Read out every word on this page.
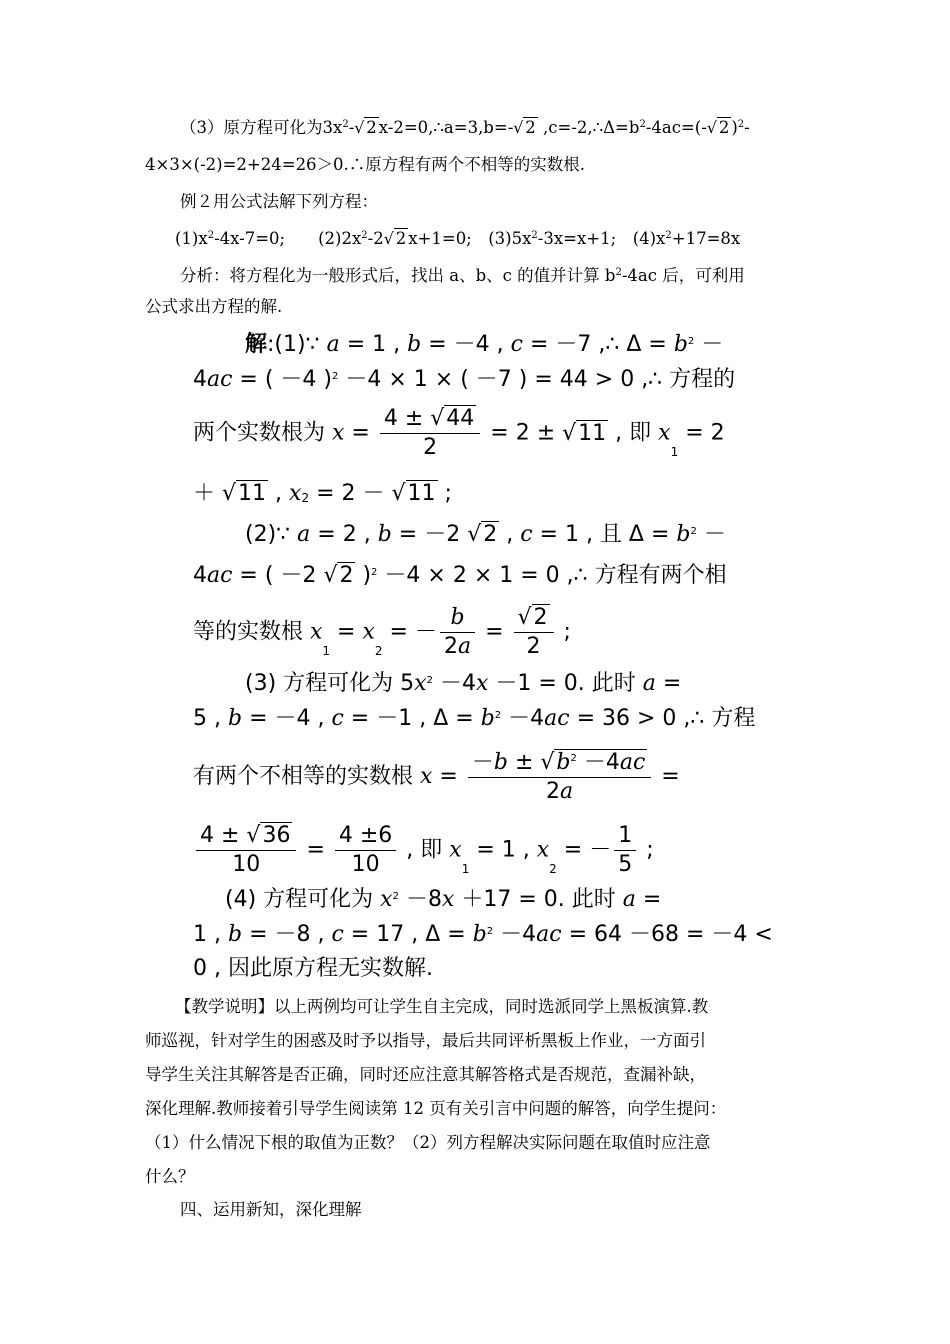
（3）原方程可化为$3x^2-√$ 2 x-2=0,∴a=3,b=-√ 2 $,c=-2,\therefore\Delta=b^2-4ac=(-√$ 2 )$^2$-
4×3×(-2)=2+24=26＞0.∴原方程有两个不相等的实数根.
例２用公式法解下列方程：
$(1)x^2-4x-7=0$;　　$(2)2x^2-2√$ 2 x+1=0;　$(3)5x^2-3x=x+1$;　$(4)x^2+17=8x$
分析：将方程化为一般形式后，找出 a、b、c 的值并计算 $b^2-4ac$ 后，可利用
公式求出方程的解.
解:(1)∵ a = 1 , b = －4 , c = －7 ,∴ $\Delta = b^2$ －
4ac = ( －4 )$^2$ －4 × 1 × ( －7 ) = 44 > 0 ,∴ 方程的
两个实数根为 $x = \frac{4 \pm √44}{2} = 2 \pm √11$ , 即 $x_1 = 2$
＋ √11 , $x_2 = 2 - √11$ ;
(2)∵ a = 2 , b = －2 √2 , c = 1 , 且 $\Delta = b^2$ －
4ac = ( －2 √2 )$^2$ －4 × 2 × 1 = 0 ,∴ 方程有两个相
等的实数根 $x_1 = x_2$ = － $\frac{b}{2a} = \frac{√2}{2}$ ;
(3) 方程可化为 $5x^2 -4x -1 = 0$. 此时 a =
5 , b = －4 , c = －1 , $\Delta = b^2 -4ac = 36 > 0$ ,∴ 方程
有两个不相等的实数根 $x = \frac{-b \pm √b^2 -4ac}{2a}$ =
$\frac{4 \pm √36}{10} = \frac{4 \pm 6}{10}$ , 即 $x_1 = 1$ , $x_2$ = － $\frac{1}{5}$ ;
(4) 方程可化为 $x^2 -8x +17 = 0$. 此时 a =
1 , b = －8 , c = 17 , $\Delta = b^2 -4ac = 64 -68 = -4$ <
0 , 因此原方程无实数解.
【教学说明】以上两例均可让学生自主完成，同时选派同学上黑板演算.教
师巡视，针对学生的困惑及时予以指导，最后共同评析黑板上作业，一方面引
导学生关注其解答是否正确，同时还应注意其解答格式是否规范，查漏补缺，
深化理解.教师接着引导学生阅读第 12 页有关引言中问题的解答，向学生提问：
（1）什么情况下根的取值为正数？（2）列方程解决实际问题在取值时应注意
什么？
四、运用新知，深化理解
